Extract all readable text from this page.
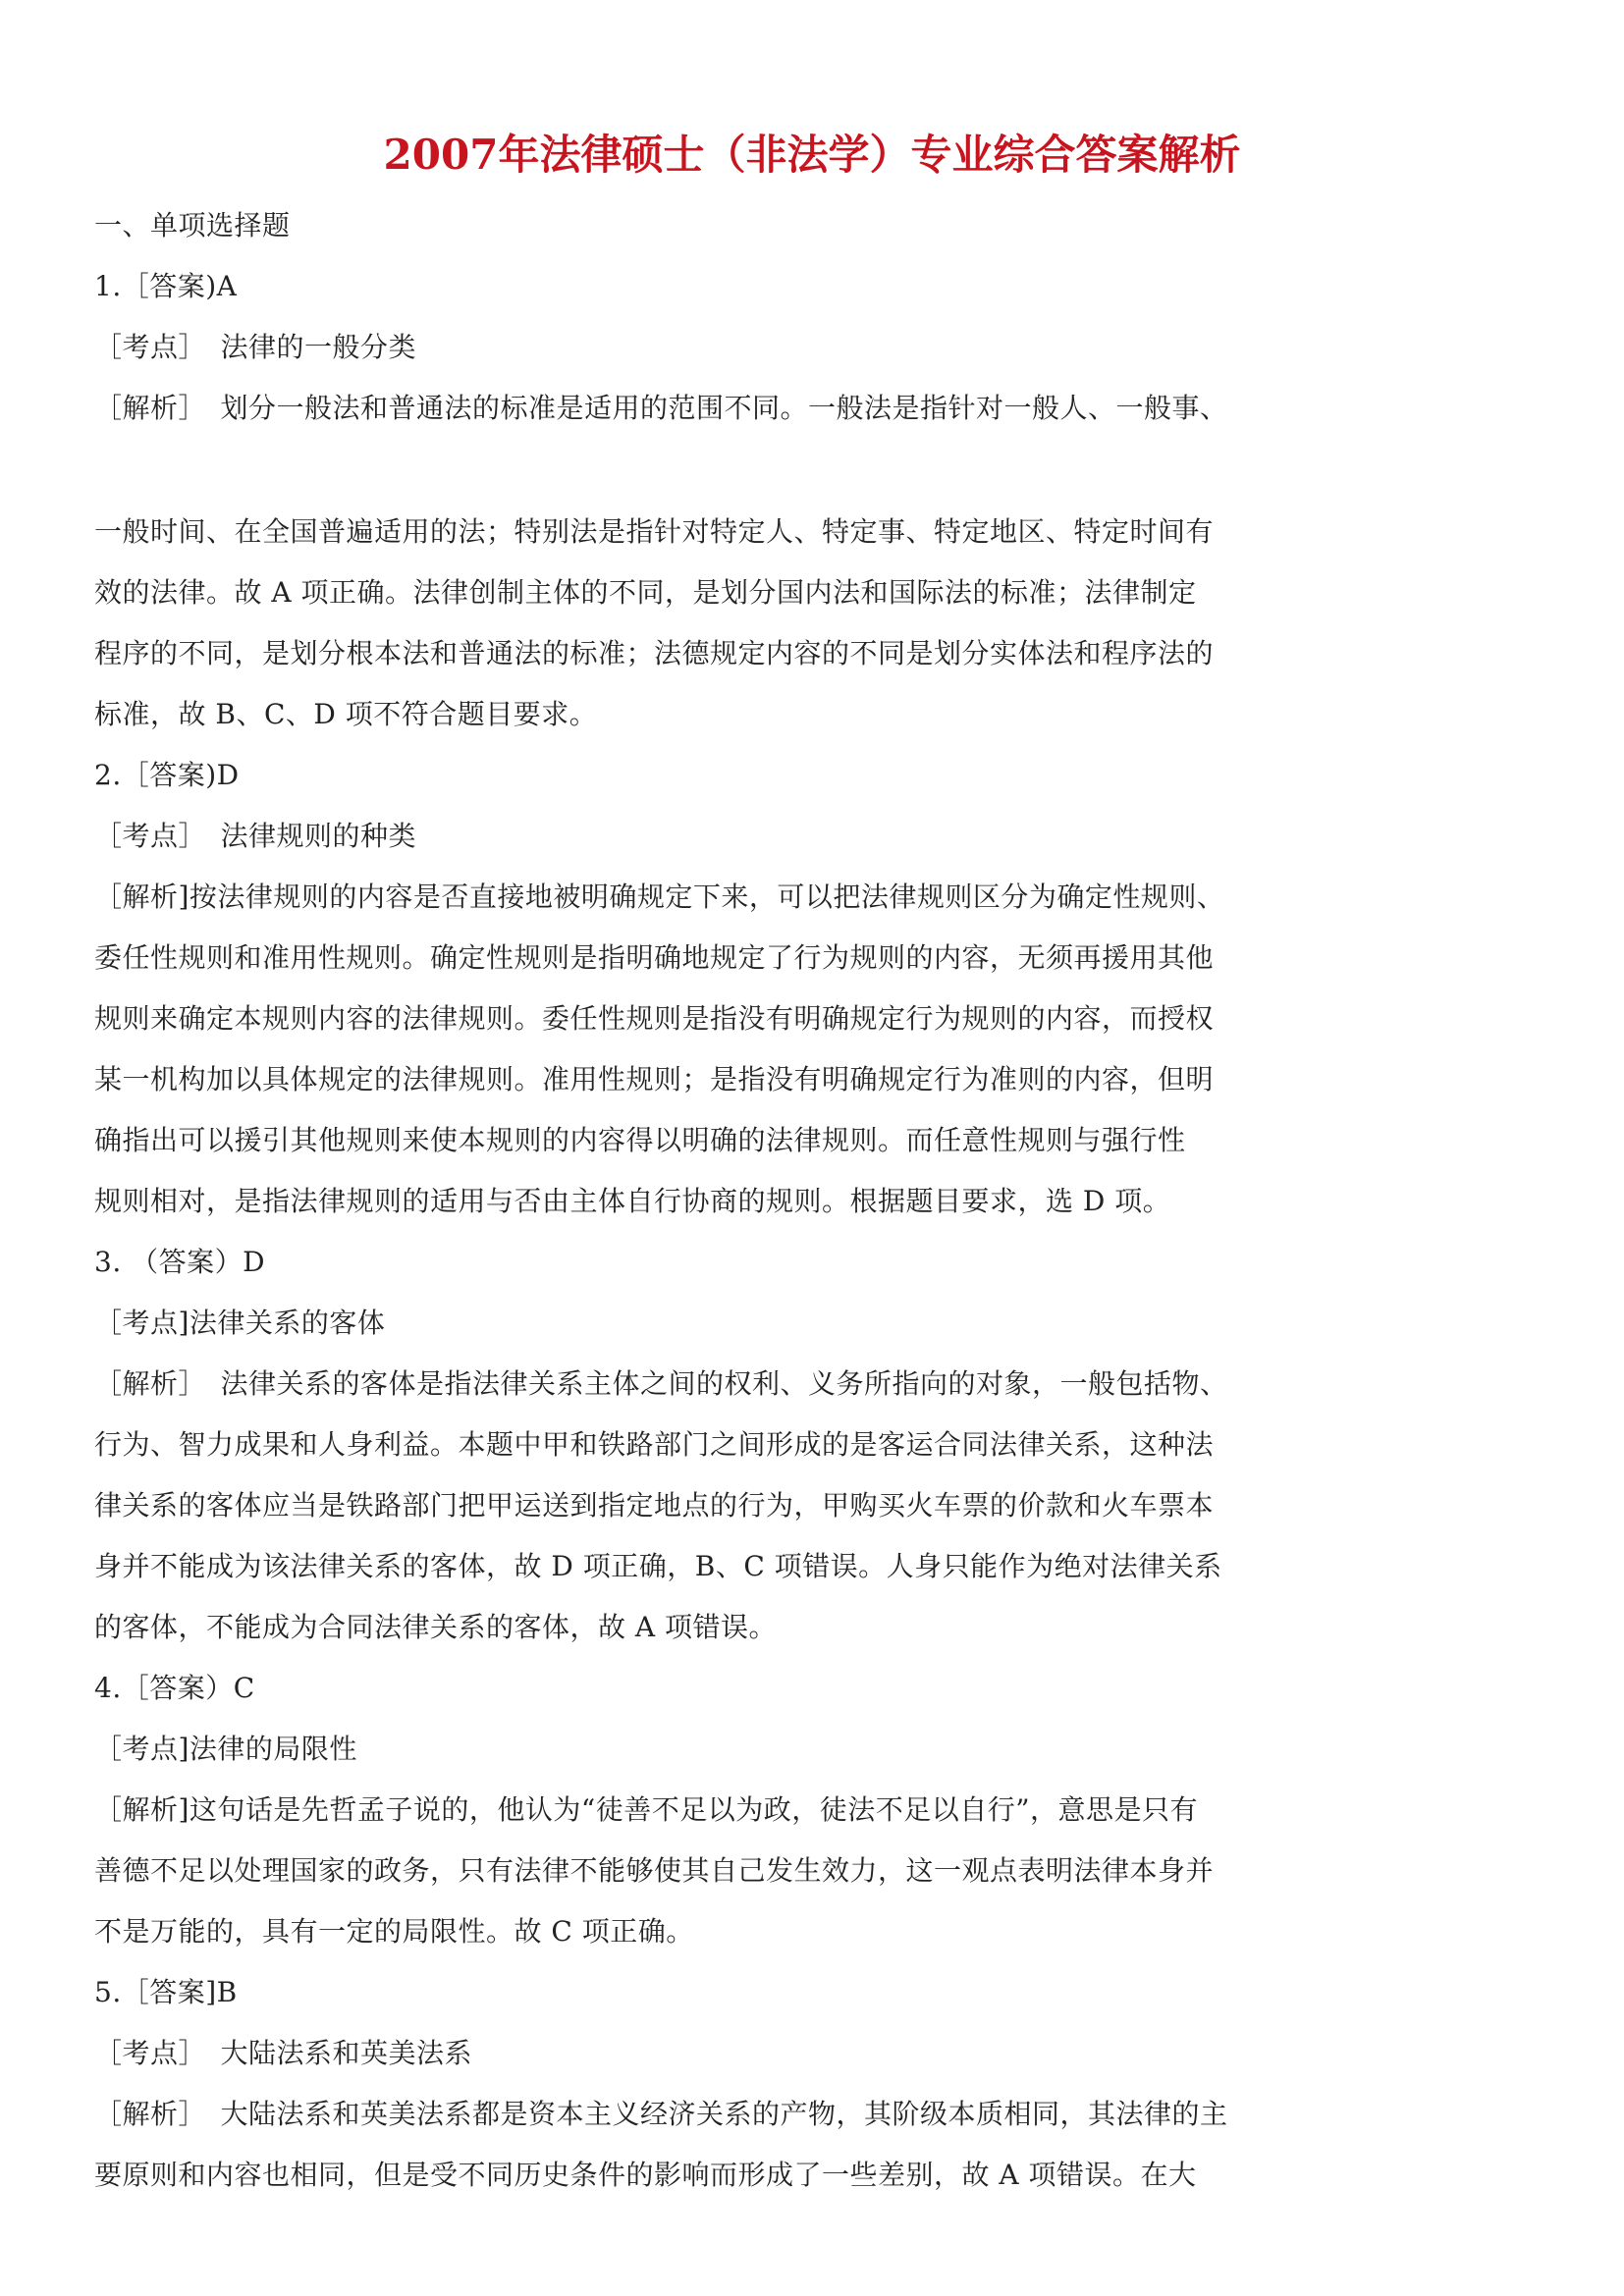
2007年法律硕士（非法学）专业综合答案解析
一、单项选择题
1.［答案)A
［考点］　法律的一般分类
［解析］　划分一般法和普通法的标准是适用的范围不同。一般法是指针对一般人、一般事、
一般时间、在全国普遍适用的法；特别法是指针对特定人、特定事、特定地区、特定时间有
效的法律。故 A 项正确。法律创制主体的不同，是划分国内法和国际法的标准；法律制定
程序的不同，是划分根本法和普通法的标准；法德规定内容的不同是划分实体法和程序法的
标准，故 B、C、D 项不符合题目要求。
2.［答案)D
［考点］　法律规则的种类
［解析]按法律规则的内容是否直接地被明确规定下来，可以把法律规则区分为确定性规则、
委任性规则和准用性规则。确定性规则是指明确地规定了行为规则的内容，无须再援用其他
规则来确定本规则内容的法律规则。委任性规则是指没有明确规定行为规则的内容，而授权
某一机构加以具体规定的法律规则。准用性规则；是指没有明确规定行为准则的内容，但明
确指出可以援引其他规则来使本规则的内容得以明确的法律规则。而任意性规则与强行性
规则相对，是指法律规则的适用与否由主体自行协商的规则。根据题目要求，选 D 项。
3. （答案）D
［考点]法律关系的客体
［解析］　法律关系的客体是指法律关系主体之间的权利、义务所指向的对象，一般包括物、
行为、智力成果和人身利益。本题中甲和铁路部门之间形成的是客运合同法律关系，这种法
律关系的客体应当是铁路部门把甲运送到指定地点的行为，甲购买火车票的价款和火车票本
身并不能成为该法律关系的客体，故 D 项正确，B、C 项错误。人身只能作为绝对法律关系
的客体，不能成为合同法律关系的客体，故 A 项错误。
4.［答案）C
［考点]法律的局限性
［解析]这句话是先哲孟子说的，他认为“徒善不足以为政，徒法不足以自行”，意思是只有
善德不足以处理国家的政务，只有法律不能够使其自己发生效力，这一观点表明法律本身并
不是万能的，具有一定的局限性。故 C 项正确。
5.［答案]B
［考点］　大陆法系和英美法系
［解析］　大陆法系和英美法系都是资本主义经济关系的产物，其阶级本质相同，其法律的主
要原则和内容也相同，但是受不同历史条件的影响而形成了一些差别，故 A 项错误。在大
